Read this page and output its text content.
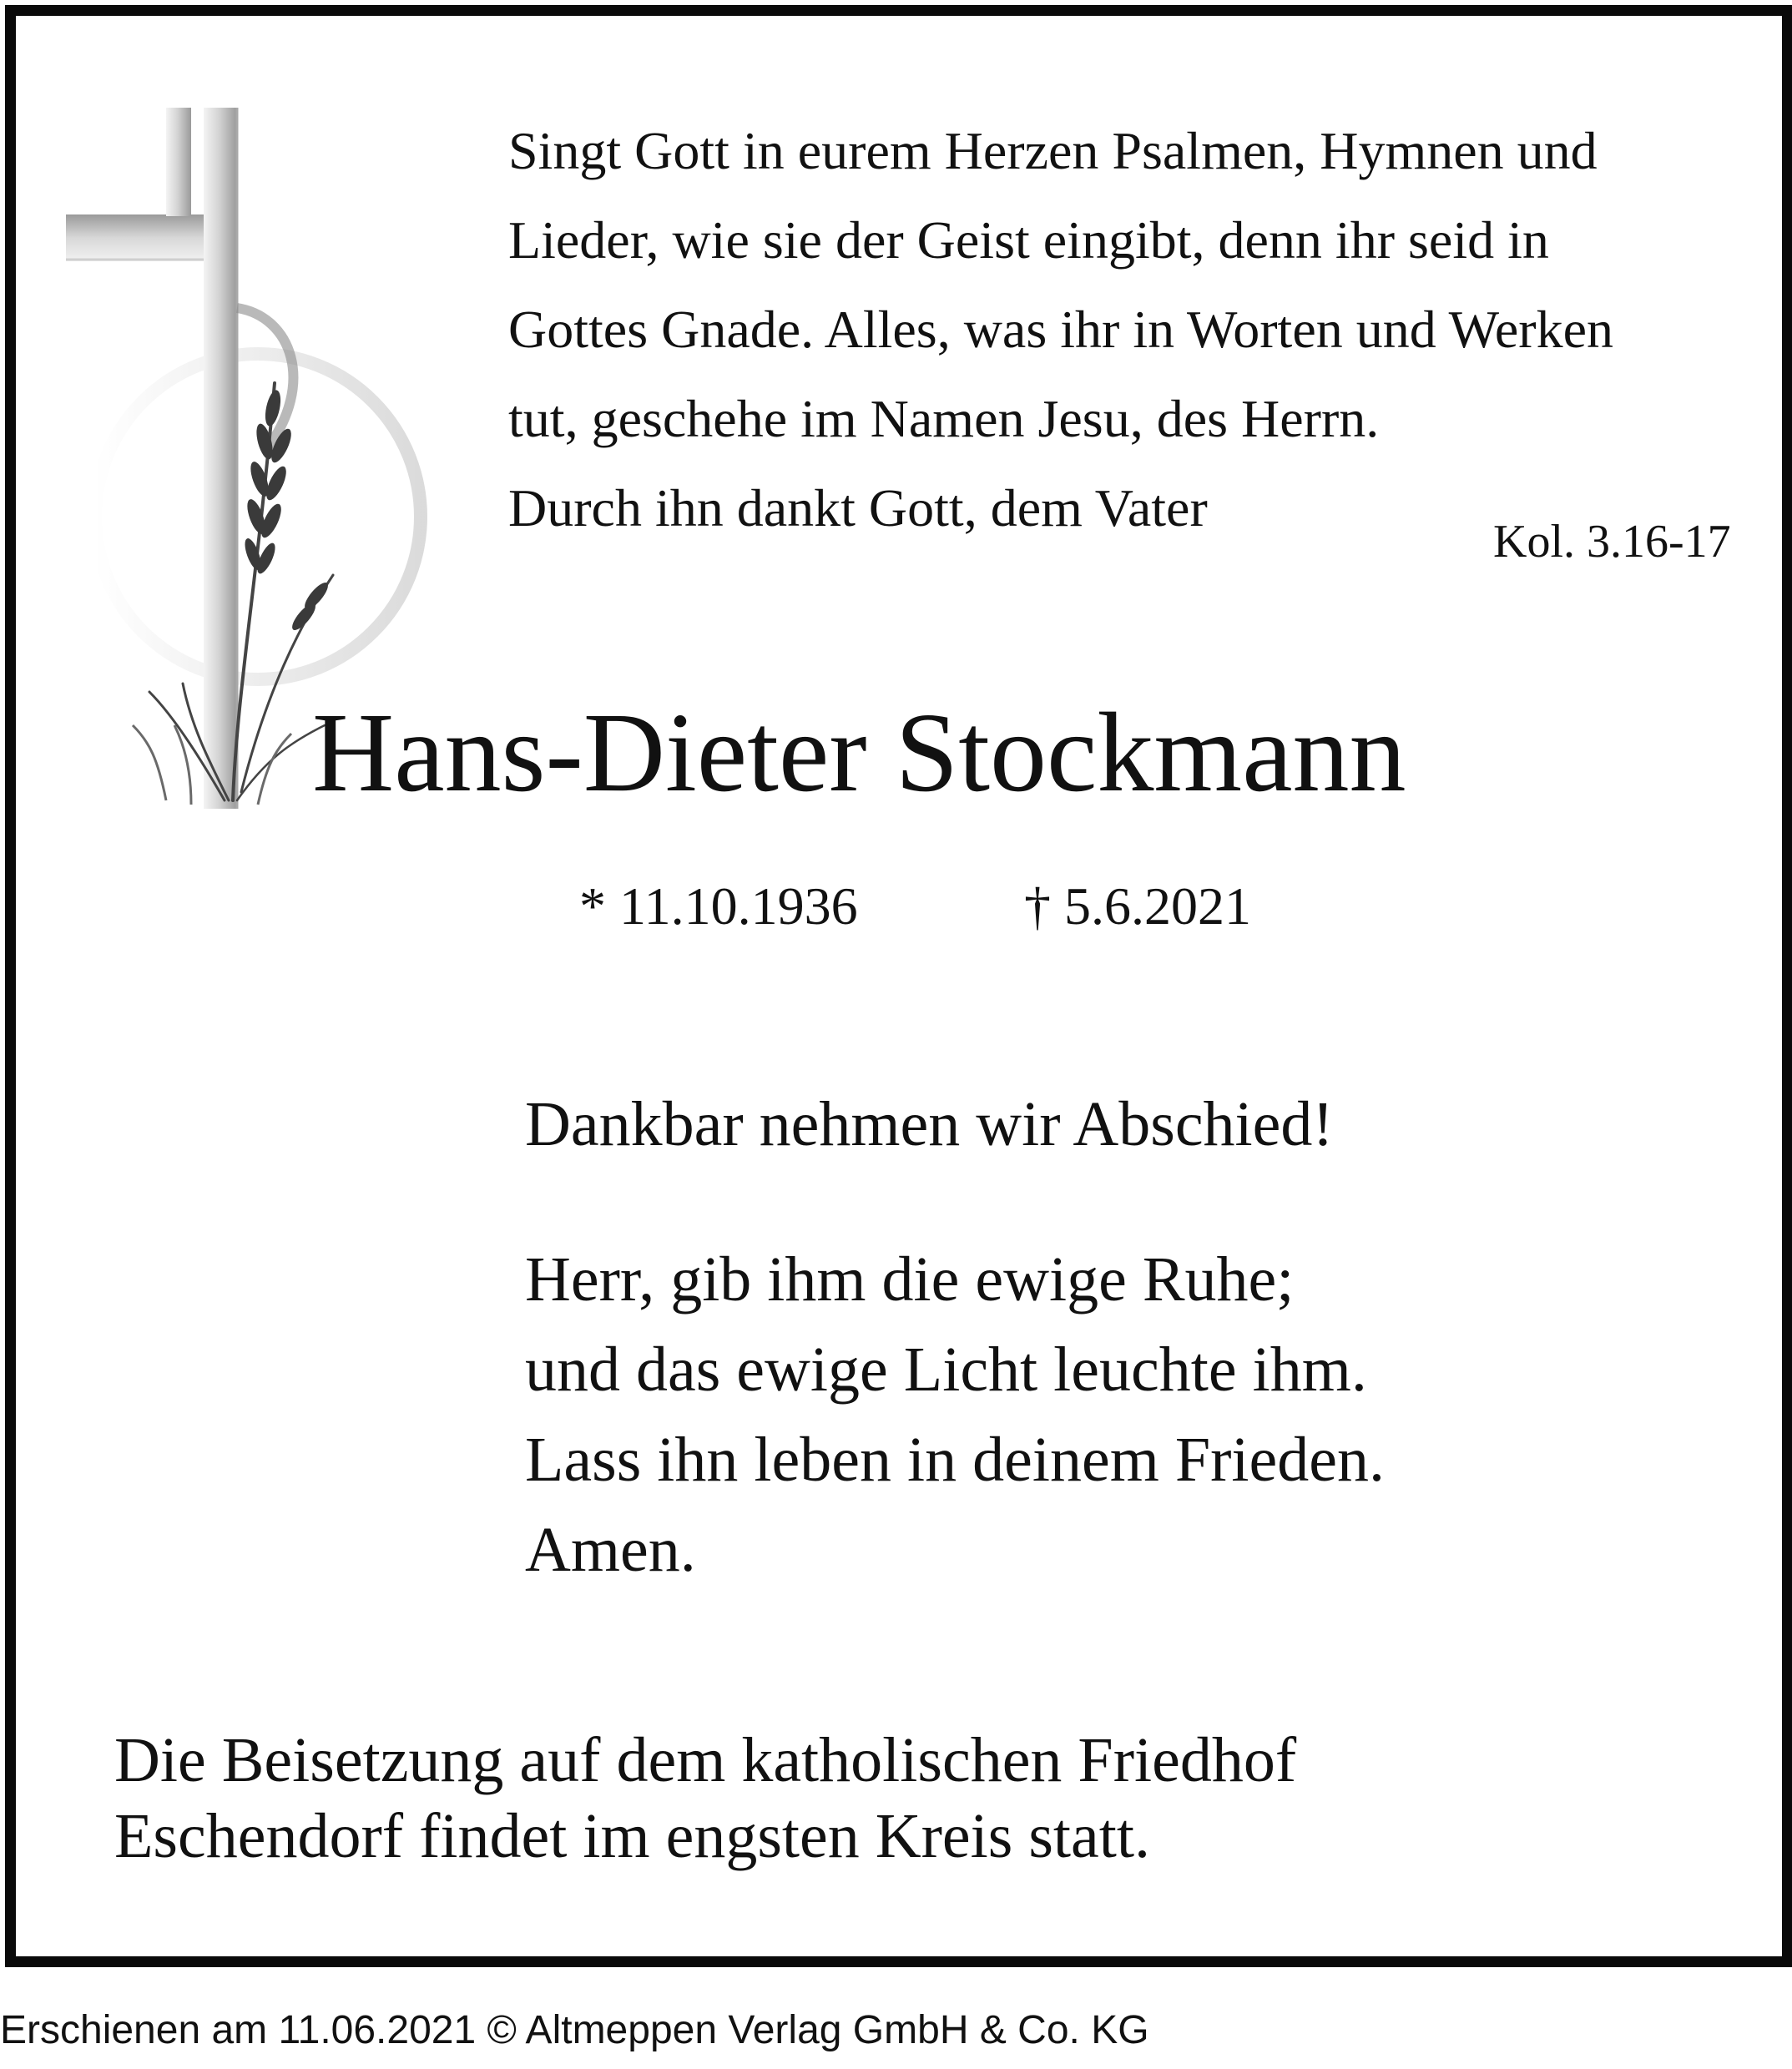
Singt Gott in eurem Herzen Psalmen, Hymnen und
Lieder, wie sie der Geist eingibt, denn ihr seid in
Gottes Gnade. Alles, was ihr in Worten und Werken
tut, geschehe im Namen Jesu, des Herrn.
Durch ihn dankt Gott, dem Vater
Kol. 3.16-17
Hans-Dieter Stockmann
* 11.10.1936	† 5.6.2021
Dankbar nehmen wir Abschied!
Herr, gib ihm die ewige Ruhe;
und das ewige Licht leuchte ihm.
Lass ihn leben in deinem Frieden.
Amen.
Die Beisetzung auf dem katholischen Friedhof
Eschendorf findet im engsten Kreis statt.
Erschienen am 11.06.2021 © Altmeppen Verlag GmbH & Co. KG
